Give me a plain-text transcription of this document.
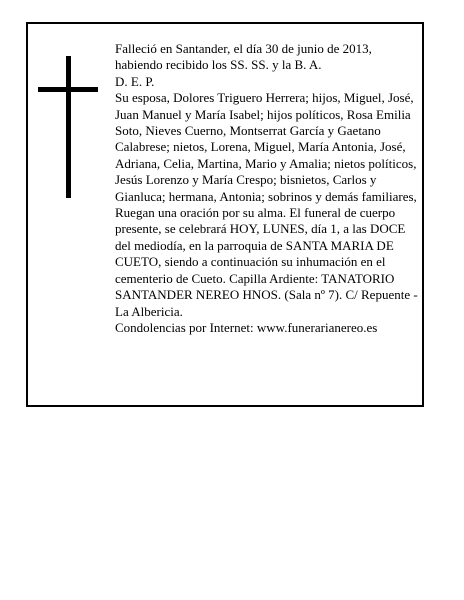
Falleció en Santander, el día 30 de junio de 2013, habiendo recibido los SS. SS. y la B. A.

D. E. P.

Su esposa, Dolores Triguero Herrera; hijos, Miguel, José, Juan Manuel y María Isabel; hijos políticos, Rosa Emilia Soto, Nieves Cuerno, Montserrat García y Gaetano Calabrese; nietos, Lorena, Miguel, María Antonia, José, Adriana, Celia, Martina, Mario y Amalia; nietos políticos, Jesús Lorenzo y María Crespo; bisnietos, Carlos y Gianluca; hermana, Antonia; sobrinos y demás familiares,

Ruegan una oración por su alma. El funeral de cuerpo presente, se celebrará HOY, LUNES, día 1, a las DOCE del mediodía, en la parroquia de SANTA MARIA DE CUETO, siendo a continuación su inhumación en el cementerio de Cueto. Capilla Ardiente: TANATORIO SANTANDER NEREO HNOS. (Sala nº 7). C/ Repuente - La Albericia.

Condolencias por Internet: www.funerarianereo.es
